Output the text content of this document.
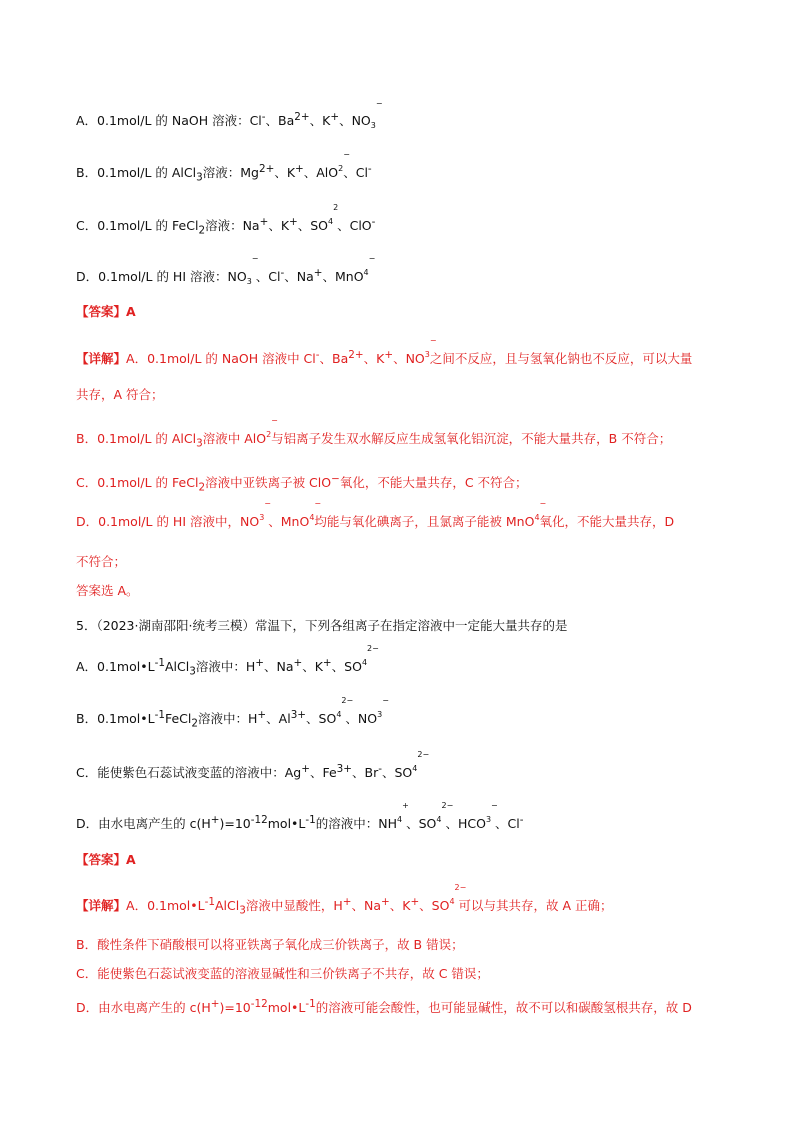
A．0.1mol/L 的 NaOH 溶液：Cl-、$Ba^{2+}$、K+、NO
−
$_3$
B．0.1mol/L 的 AlCl$_3$溶液：$Mg^{2+}$、K+、AlO
−
$^2$、Cl-
C．0.1mol/L 的 FeCl$_2$溶液：Na+、K+、SO
2
$^4$ 、ClO-
D．0.1mol/L 的 HI 溶液：NO
−
$_3$ 、Cl-、Na+、MnO
−
$^4$
【答案】A
【详解】A．0.1mol/L 的 NaOH 溶液中 Cl-、$Ba^{2+}$、K+、NO
−
$^3$之间不反应，且与氢氧化钠也不反应，可以大量
共存，A 符合；
B．0.1mol/L 的 AlCl$_3$溶液中 AlO
−
$^2$与铝离子发生双水解反应生成氢氧化铝沉淀，不能大量共存，B 不符合；
C．0.1mol/L 的 FeCl$_2$溶液中亚铁离子被 ClO−氧化，不能大量共存，C 不符合；
D．0.1mol/L 的 HI 溶液中，NO
−
$^3$ 、MnO
−
$^4$均能与氧化碘离子，且氯离子能被 MnO
−
$^4$氧化，不能大量共存，D
不符合；
答案选 A。
5．（2023·湖南邵阳·统考三模）常温下，下列各组离子在指定溶液中一定能大量共存的是
A．$0.1mol•L^{-1}AlCl_3$溶液中：H+、Na+、K+、SO
2−
$^4$
B．$0.1mol•L^{-1}FeCl_2$溶液中：H+、$Al^{3+}$、SO
2−
$^4$ 、NO
−
$^3$
C．能使紫色石蕊试液变蓝的溶液中：Ag+、$Fe^{3+}$、Br-、SO
2−
$^4$
D．由水电离产生的 $c(H^+)=10^{-12}mol•L^{-1}$的溶液中：NH
+
$^4$ 、SO
2−
$^4$ 、HCO
−
$^3$ 、Cl-
【答案】A
【详解】A．$0.1mol•L^{-1}AlCl_3$溶液中显酸性，H+、Na+、K+、SO
2−
$^4$ 可以与其共存，故 A 正确；
B．酸性条件下硝酸根可以将亚铁离子氧化成三价铁离子，故 B 错误；
C．能使紫色石蕊试液变蓝的溶液显碱性和三价铁离子不共存，故 C 错误；
D．由水电离产生的 $c(H^+)=10^{-12}mol•L^{-1}$的溶液可能会酸性，也可能显碱性，故不可以和碳酸氢根共存，故 D
